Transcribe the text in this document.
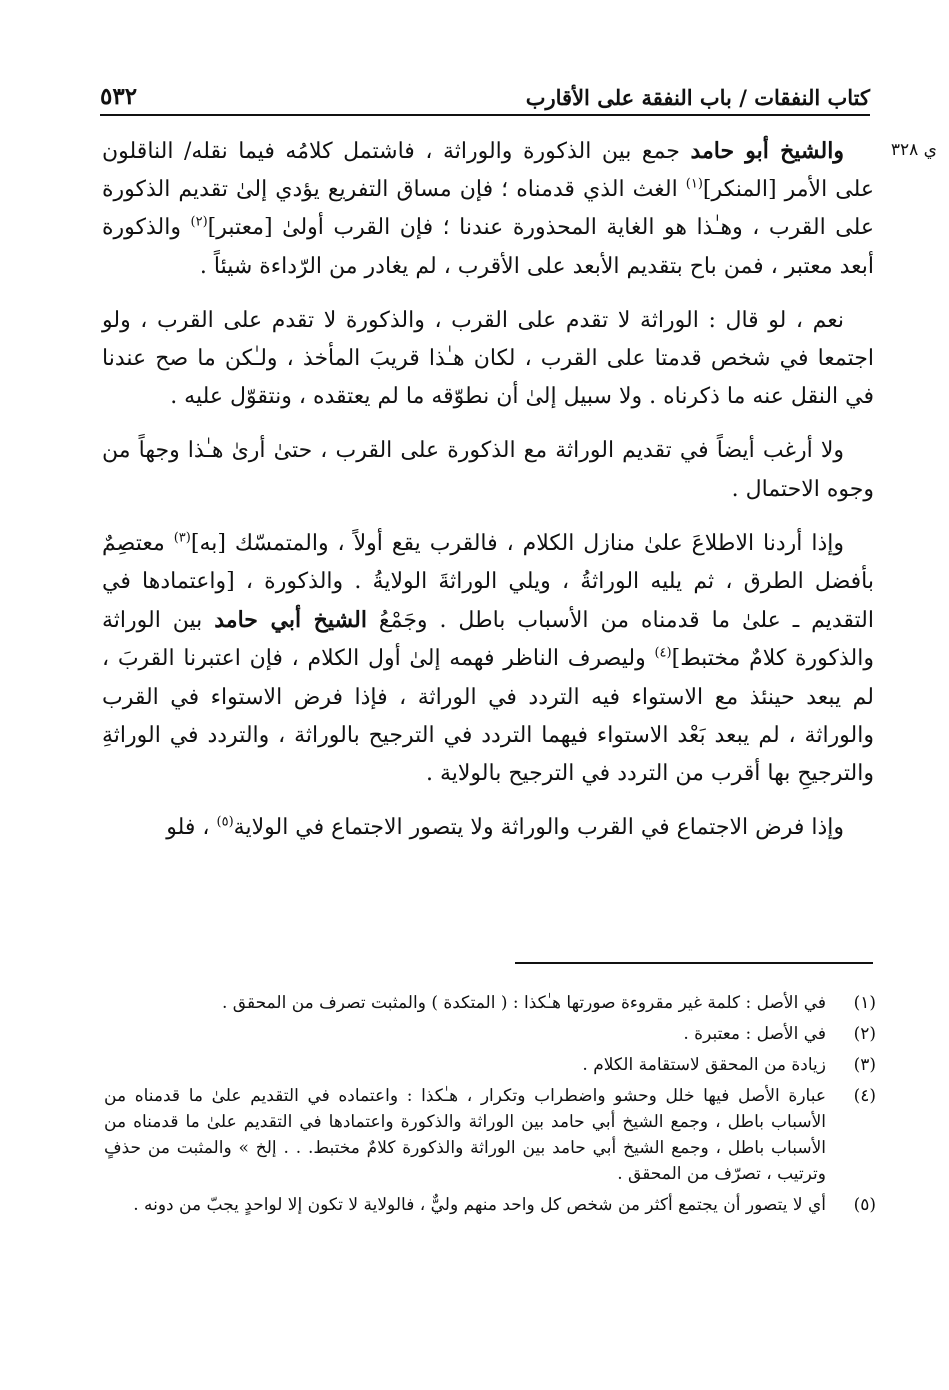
كتاب النفقات / باب النفقة على الأقارب
٥٣٢
ي ٣٢٨

والشيخ أبو حامد جمع بين الذكورة والوراثة ، فاشتمل كلامُه فيما نقله/ الناقلون على الأمر [المنكر]$^{(١)}$ الغث الذي قدمناه ؛ فإن مساق التفريع يؤدي إلىٰ تقديم الذكورة على القرب ، وهـٰذا هو الغاية المحذورة عندنا ؛ فإن القرب أولىٰ [معتبر]$^{(٢)}$ والذكورة أبعد معتبر ، فمن باح بتقديم الأبعد على الأقرب ، لم يغادر من الرّداءة شيئاً .

نعم ، لو قال : الوراثة لا تقدم على القرب ، والذكورة لا تقدم على القرب ، ولو اجتمعا في شخص قدمتا على القرب ، لكان هـٰذا قريبَ المأخذ ، ولـٰكن ما صح عندنا في النقل عنه ما ذكرناه . ولا سبيل إلىٰ أن نطوّقه ما لم يعتقده ، ونتقوّل عليه .

ولا أرغب أيضاً في تقديم الوراثة مع الذكورة على القرب ، حتىٰ أرىٰ هـٰذا وجهاً من وجوه الاحتمال .

وإذا أردنا الاطلاعَ علىٰ منازل الكلام ، فالقرب يقع أولاً ، والمتمسّك [به]$^{(٣)}$ معتصِمٌ بأفضل الطرق ، ثم يليه الوراثةُ ، ويلي الوراثةَ الولايةُ . والذكورة ، [واعتمادها في التقديم ـ علىٰ ما قدمناه من الأسباب باطل . وجَمْعُ الشيخ أبي حامد بين الوراثة والذكورة كلامٌ مختبط]$^{(٤)}$ وليصرف الناظر فهمه إلىٰ أول الكلام ، فإن اعتبرنا القربَ ، لم يبعد حينئذ مع الاستواء فيه التردد في الوراثة ، فإذا فرض الاستواء في القرب والوراثة ، لم يبعد بَعْد الاستواء فيهما التردد في الترجيح بالوراثة ، والتردد في الوراثةِ والترجيحِ بها أقرب من التردد في الترجيح بالولاية .

وإذا فرض الاجتماع في القرب والوراثة ولا يتصور الاجتماع في الولاية$^{(٥)}$ ، فلو

(١)
في الأصل : كلمة غير مقروءة صورتها هـٰكذا : ( المتكدة ) والمثبت تصرف من المحقق .
(٢)
في الأصل : معتبرة .
(٣)
زيادة من المحقق لاستقامة الكلام .
(٤)
عبارة الأصل فيها خلل وحشو واضطراب وتكرار ، هـٰكذا : واعتماده في التقديم علىٰ ما قدمناه من الأسباب باطل ، وجمع الشيخ أبي حامد بين الوراثة والذكورة واعتمادها في التقديم علىٰ ما قدمناه من الأسباب باطل ، وجمع الشيخ أبي حامد بين الوراثة والذكورة كلامٌ مختبط. . . إلخ » والمثبت من حذفٍ وترتيب ، تصرّف من المحقق .
(٥)
أي لا يتصور أن يجتمع أكثر من شخص كل واحد منهم وليٌّ ، فالولاية لا تكون إلا لواحدٍ يجبّ من دونه .
